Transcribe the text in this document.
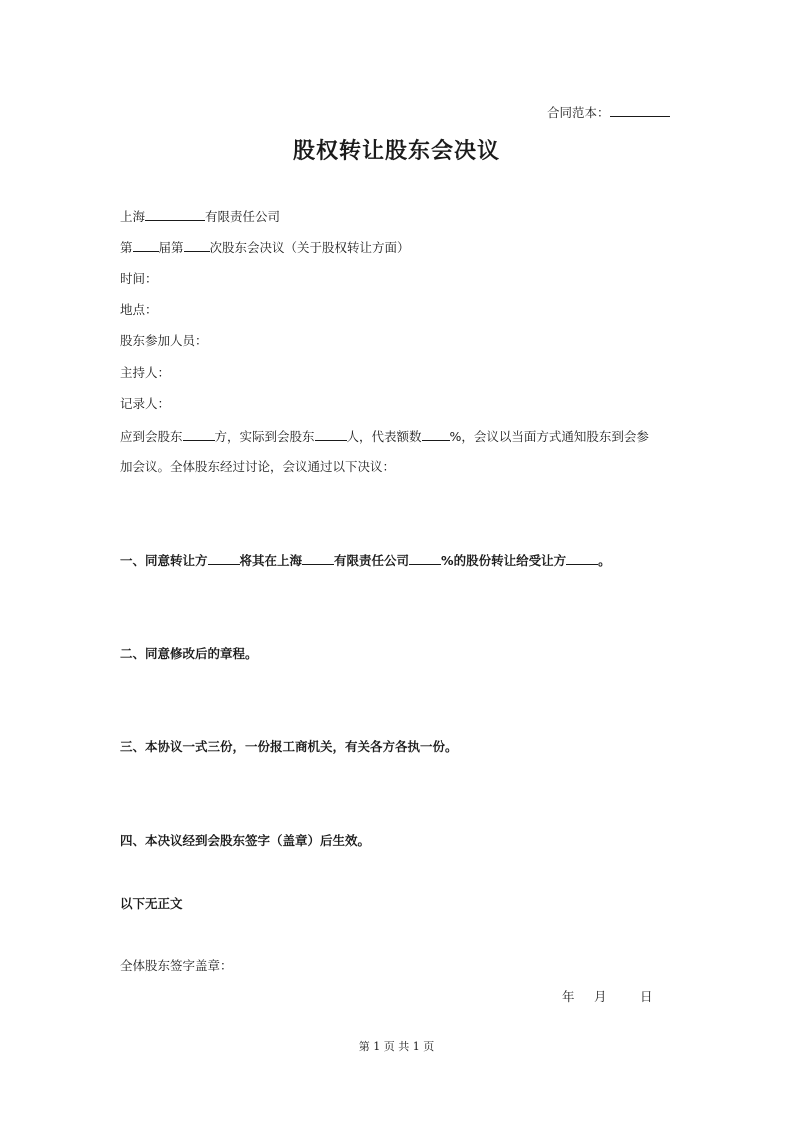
合同范本：
股权转让股东会决议
上海	有限责任公司
第 届第 次股东会决议（关于股权转让方面）
时间：
地点：
股东参加人员：
主持人：
记录人：
应到会股东	方，实际到会股东	人，代表额数 %，会议以当面方式通知股东到会参
加会议。全体股东经过讨论，会议通过以下决议：
一、同意转让方	将其在上海	有限责任公司	%的股份转让给受让方	。
二、同意修改后的章程。
三、本协议一式三份，一份报工商机关，有关各方各执一份。
四、本决议经到会股东签字（盖章）后生效。
以下无正文
全体股东签字盖章：
年 月	日
第 1 页 共 1 页
